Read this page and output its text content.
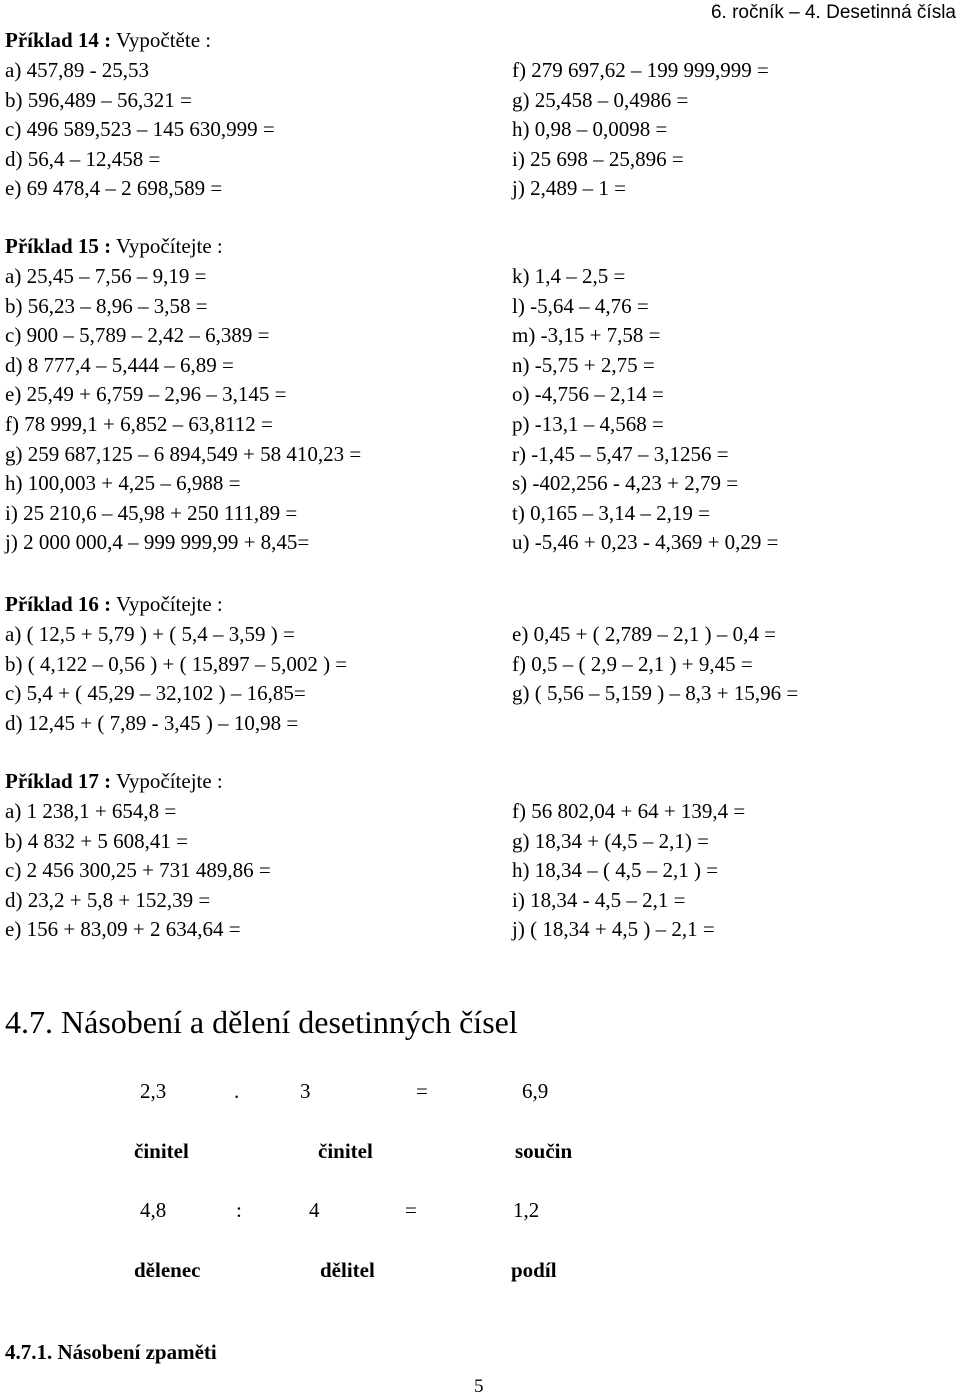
6. ročník – 4. Desetinná čísla
Příklad 14 : Vypočtěte :
a) 457,89 - 25,53	f) 279 697,62 – 199 999,999 =
b) 596,489 – 56,321 =	g) 25,458 – 0,4986 =
c) 496 589,523 – 145 630,999 =	h) 0,98 – 0,0098 =
d) 56,4 – 12,458 =	i) 25 698 – 25,896 =
e) 69 478,4 – 2 698,589 =	j) 2,489 – 1 =
Příklad 15 : Vypočítejte :
a) 25,45 – 7,56 – 9,19 =	k) 1,4 – 2,5 =
b) 56,23 – 8,96 – 3,58 =	l) -5,64 – 4,76 =
c) 900 – 5,789 – 2,42 – 6,389 =	m) -3,15 + 7,58 =
d) 8 777,4 – 5,444 – 6,89 =	n) -5,75 + 2,75 =
e) 25,49 + 6,759 – 2,96 – 3,145 =	o) -4,756 – 2,14 =
f) 78 999,1 + 6,852 – 63,8112 =	p) -13,1 – 4,568 =
g) 259 687,125 – 6 894,549 + 58 410,23 =	r) -1,45 – 5,47 – 3,1256 =
h) 100,003 + 4,25 – 6,988 =	s) -402,256 - 4,23 + 2,79 =
i) 25 210,6 – 45,98 + 250 111,89 =	t) 0,165 – 3,14 – 2,19 =
j) 2 000 000,4 – 999 999,99 + 8,45=	u) -5,46 + 0,23 - 4,369 + 0,29 =
Příklad 16 : Vypočítejte :
a) ( 12,5 + 5,79 ) + ( 5,4 – 3,59 ) =	e) 0,45 + ( 2,789 – 2,1 ) – 0,4 =
b) ( 4,122 – 0,56 ) + ( 15,897 – 5,002 ) =	f) 0,5 – ( 2,9 – 2,1 ) + 9,45 =
c) 5,4 + ( 45,29 – 32,102 ) – 16,85=	g) ( 5,56 – 5,159 ) – 8,3 + 15,96 =
d) 12,45 + ( 7,89 - 3,45 ) – 10,98 =
Příklad 17 : Vypočítejte :
a) 1 238,1 + 654,8 =	f) 56 802,04 + 64 + 139,4 =
b) 4 832 + 5 608,41 =	g) 18,34 + (4,5 – 2,1) =
c) 2 456 300,25 + 731 489,86 =	h) 18,34 – ( 4,5 – 2,1 ) =
d) 23,2 + 5,8 + 152,39 =	i) 18,34 - 4,5 – 2,1 =
e) 156 + 83,09 + 2 634,64 =	j) ( 18,34 + 4,5 ) – 2,1 =
4.7. Násobení a dělení desetinných čísel
2,3	.	3	=	6,9
činitel	činitel	součin
4,8	:	4	=	1,2
dělenec	dělitel	podíl
4.7.1. Násobení zpaměti
5
